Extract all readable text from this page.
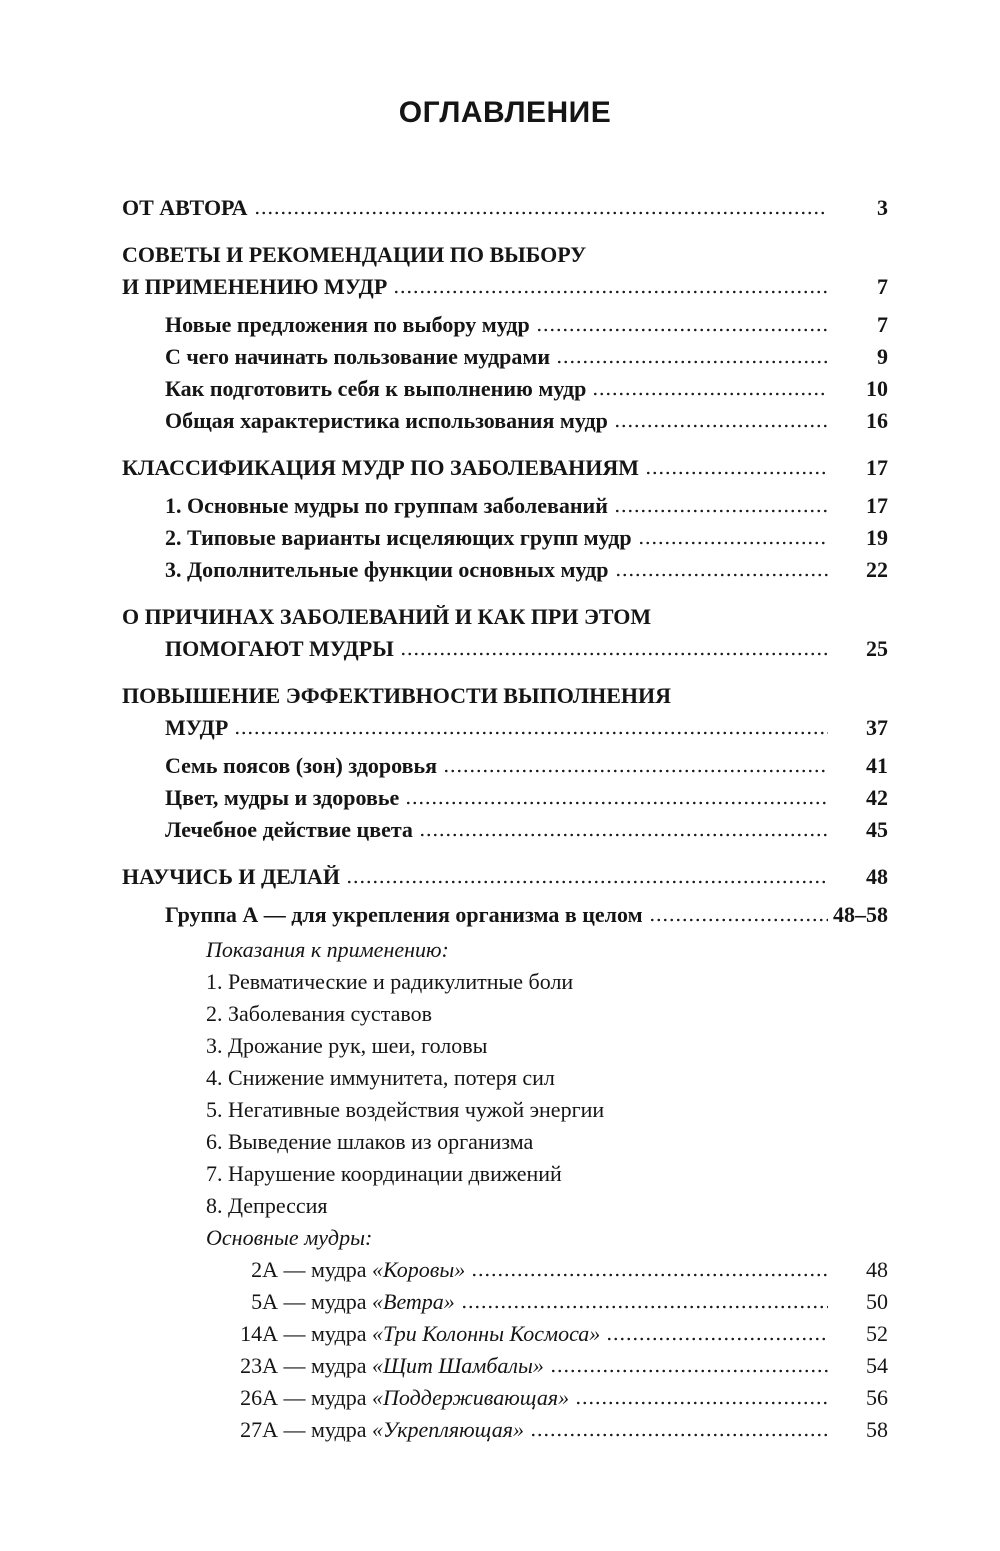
ОГЛАВЛЕНИЕ
ОТ АВТОРА	3
СОВЕТЫ И РЕКОМЕНДАЦИИ ПО ВЫБОРУ
И ПРИМЕНЕНИЮ МУДР	7
Новые предложения по выбору мудр	7
С чего начинать пользование мудрами	9
Как подготовить себя к выполнению мудр	10
Общая характеристика использования мудр	16
КЛАССИФИКАЦИЯ МУДР ПО ЗАБОЛЕВАНИЯМ	17
1. Основные мудры по группам заболеваний	17
2. Типовые варианты исцеляющих групп мудр	19
3. Дополнительные функции основных мудр	22
О ПРИЧИНАХ ЗАБОЛЕВАНИЙ И КАК ПРИ ЭТОМ
ПОМОГАЮТ МУДРЫ	25
ПОВЫШЕНИЕ ЭФФЕКТИВНОСТИ ВЫПОЛНЕНИЯ
МУДР	37
Семь поясов (зон) здоровья	41
Цвет, мудры и здоровье	42
Лечебное действие цвета	45
НАУЧИСЬ И ДЕЛАЙ	48
Группа А — для укрепления организма в целом	48–58
Показания к применению:
1. Ревматические и радикулитные боли
2. Заболевания суставов
3. Дрожание рук, шеи, головы
4. Снижение иммунитета, потеря сил
5. Негативные воздействия чужой энергии
6. Выведение шлаков из организма
7. Нарушение координации движений
8. Депрессия
Основные мудры:
2А — мудра «Коровы»	48
5А — мудра «Ветра»	50
14А — мудра «Три Колонны Космоса»	52
23А — мудра «Щит Шамбалы»	54
26А — мудра «Поддерживающая»	56
27А — мудра «Укрепляющая»	58
